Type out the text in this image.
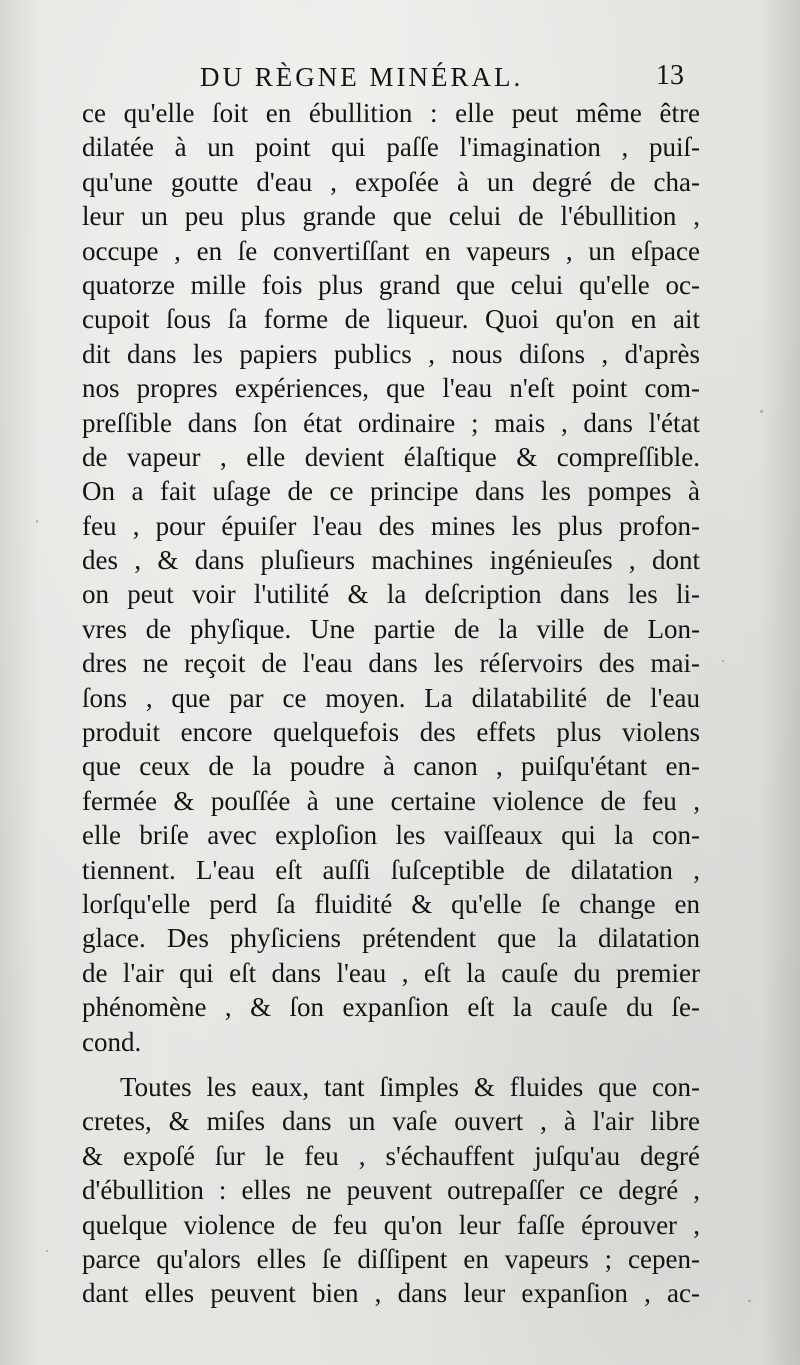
DU RÈGNE MINÉRAL.	13
ce qu'elle ſoit en ébullition : elle peut même être
dilatée à un point qui paſſe l'imagination , puiſ-
qu'une goutte d'eau , expoſée à un degré de cha-
leur un peu plus grande que celui de l'ébullition ,
occupe , en ſe convertiſſant en vapeurs , un eſpace
quatorze mille fois plus grand que celui qu'elle oc-
cupoit ſous ſa forme de liqueur. Quoi qu'on en ait
dit dans les papiers publics , nous diſons , d'après
nos propres expériences, que l'eau n'eſt point com-
preſſible dans ſon état ordinaire ; mais , dans l'état
de vapeur , elle devient élaſtique & compreſſible.
On a fait uſage de ce principe dans les pompes à
feu , pour épuiſer l'eau des mines les plus profon-
des , & dans pluſieurs machines ingénieuſes , dont
on peut voir l'utilité & la deſcription dans les li-
vres de phyſique. Une partie de la ville de Lon-
dres ne reçoit de l'eau dans les réſervoirs des mai-
ſons , que par ce moyen. La dilatabilité de l'eau
produit encore quelquefois des effets plus violens
que ceux de la poudre à canon , puiſqu'étant en-
fermée & pouſſée à une certaine violence de feu ,
elle briſe avec exploſion les vaiſſeaux qui la con-
tiennent. L'eau eſt auſſi ſuſceptible de dilatation ,
lorſqu'elle perd ſa fluidité & qu'elle ſe change en
glace. Des phyſiciens prétendent que la dilatation
de l'air qui eſt dans l'eau , eſt la cauſe du premier
phénomène , & ſon expanſion eſt la cauſe du ſe-
cond.
Toutes les eaux, tant ſimples & fluides que con-
cretes, & miſes dans un vaſe ouvert , à l'air libre
& expoſé ſur le feu , s'échauffent juſqu'au degré
d'ébullition : elles ne peuvent outrepaſſer ce degré ,
quelque violence de feu qu'on leur faſſe éprouver ,
parce qu'alors elles ſe diſſipent en vapeurs ; cepen-
dant elles peuvent bien , dans leur expanſion , ac-
